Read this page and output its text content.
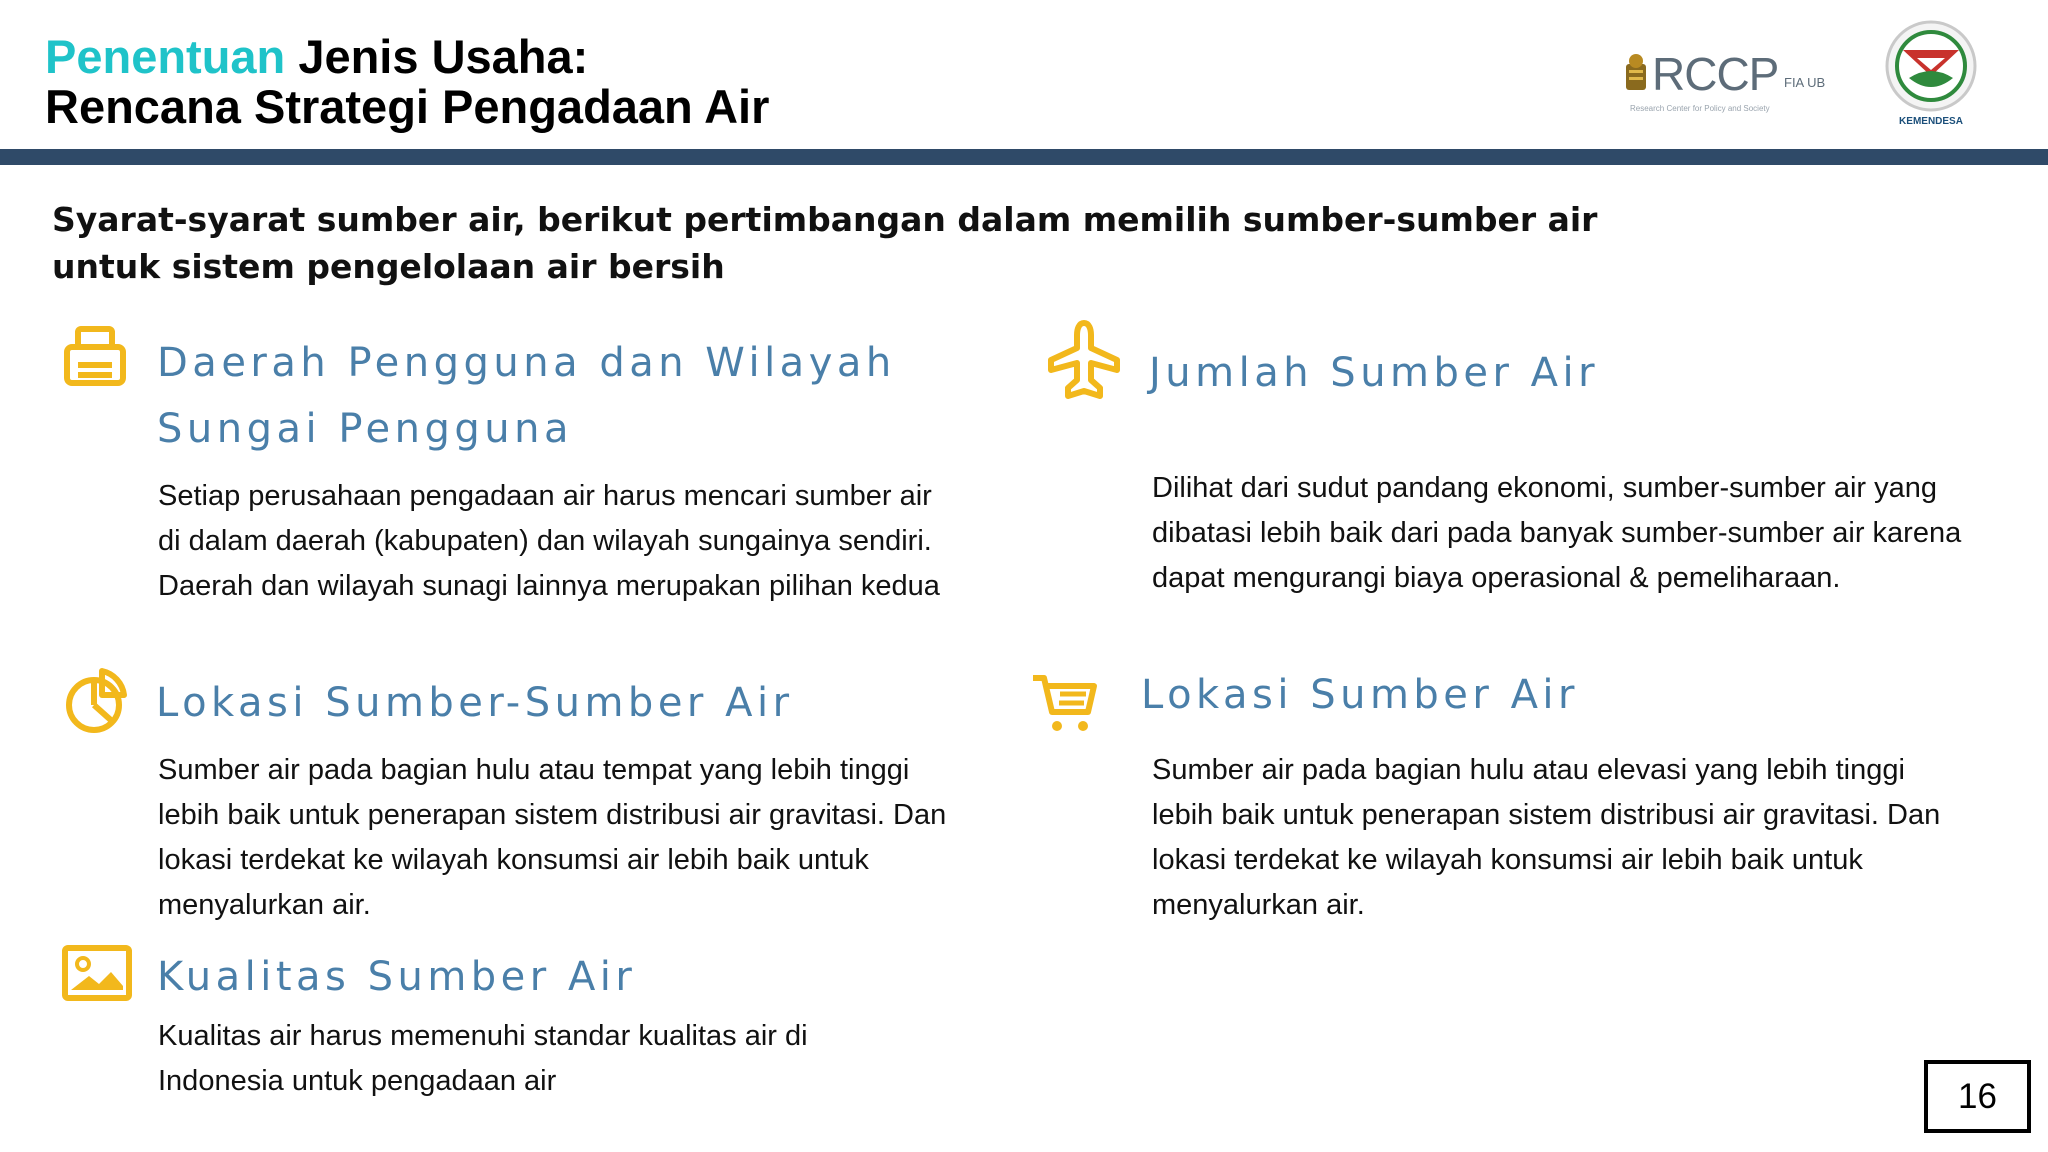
Penentuan Jenis Usaha:
Rencana Strategi Pengadaan Air
RCCP FIA UB
Research Center for Policy and Society
KEMENDESA
Syarat-syarat sumber air, berikut pertimbangan dalam memilih sumber-sumber air untuk sistem pengelolaan air bersih
Daerah Pengguna dan Wilayah
Sungai Pengguna
Setiap perusahaan pengadaan air harus mencari sumber air di dalam daerah (kabupaten) dan wilayah sungainya sendiri. Daerah dan wilayah sunagi lainnya merupakan pilihan kedua
Jumlah Sumber Air
Dilihat dari sudut pandang ekonomi, sumber-sumber air yang dibatasi lebih baik dari pada banyak sumber-sumber air karena dapat mengurangi biaya operasional & pemeliharaan.
Lokasi Sumber-Sumber Air
Sumber air pada bagian hulu atau tempat yang lebih tinggi lebih baik untuk penerapan sistem distribusi air gravitasi. Dan lokasi terdekat ke wilayah konsumsi air lebih baik untuk menyalurkan air.
Lokasi Sumber Air
Sumber air pada bagian hulu atau elevasi yang lebih tinggi lebih baik untuk penerapan sistem distribusi air gravitasi. Dan lokasi terdekat ke wilayah konsumsi air lebih baik untuk menyalurkan air.
Kualitas Sumber Air
Kualitas air harus memenuhi standar kualitas air di Indonesia untuk pengadaan air	16
